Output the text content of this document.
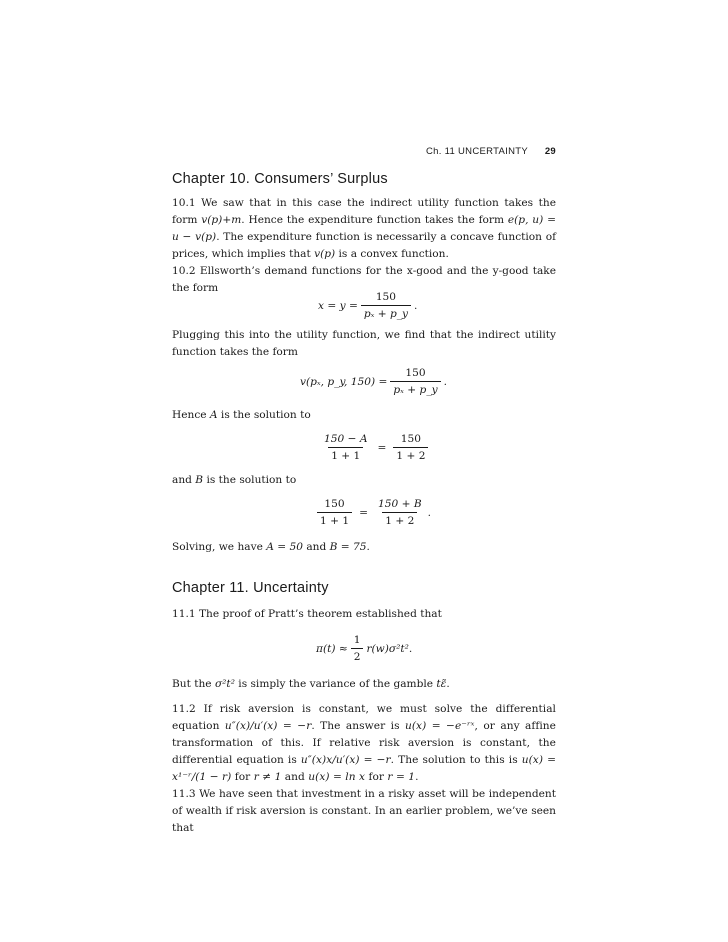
Ch. 11 UNCERTAINTY 29
Chapter 10. Consumers’ Surplus

10.1 We saw that in this case the indirect utility function takes the form v(p)+m. Hence the expenditure function takes the form e(p, u) = u − v(p). The expenditure function is necessarily a concave function of prices, which implies that v(p) is a convex function.

10.2 Ellsworth’s demand functions for the x-good and the y-good take the form

$x = y = \frac{150}{\text{pₓ + p\_y}}$ .

Plugging this into the utility function, we find that the indirect utility function takes the form

v(pₓ, p_y, $150) = \frac{150}{\text{pₓ + p\_y}}$ .

Hence A is the solution to

$\frac{150 - A}{1 + 1} = \frac{150}{1 + 2}$

and B is the solution to

$\frac{150}{1 + 1} = \frac{150 + B}{1 + 2}$ .

Solving, we have A = 50 and B = 75.

Chapter 11. Uncertainty

11.1 The proof of Pratt’s theorem established that

$\pi(t) \approx \frac{1}{2} r(w)\sigma^2t^2$.

But the σ²t² is simply the variance of the gamble tε̃.

11.2 If risk aversion is constant, we must solve the differential equation u″(x)/u′(x) = −r. The answer is u(x) = −e⁻ʳˣ, or any affine transformation of this. If relative risk aversion is constant, the differential equation is u″(x)x/u′(x) = −r. The solution to this is u(x) = x¹⁻ʳ/(1 − r) for r ≠ 1 and u(x) = ln x for r = 1.

11.3 We have seen that investment in a risky asset will be independent of wealth if risk aversion is constant. In an earlier problem, we’ve seen that
